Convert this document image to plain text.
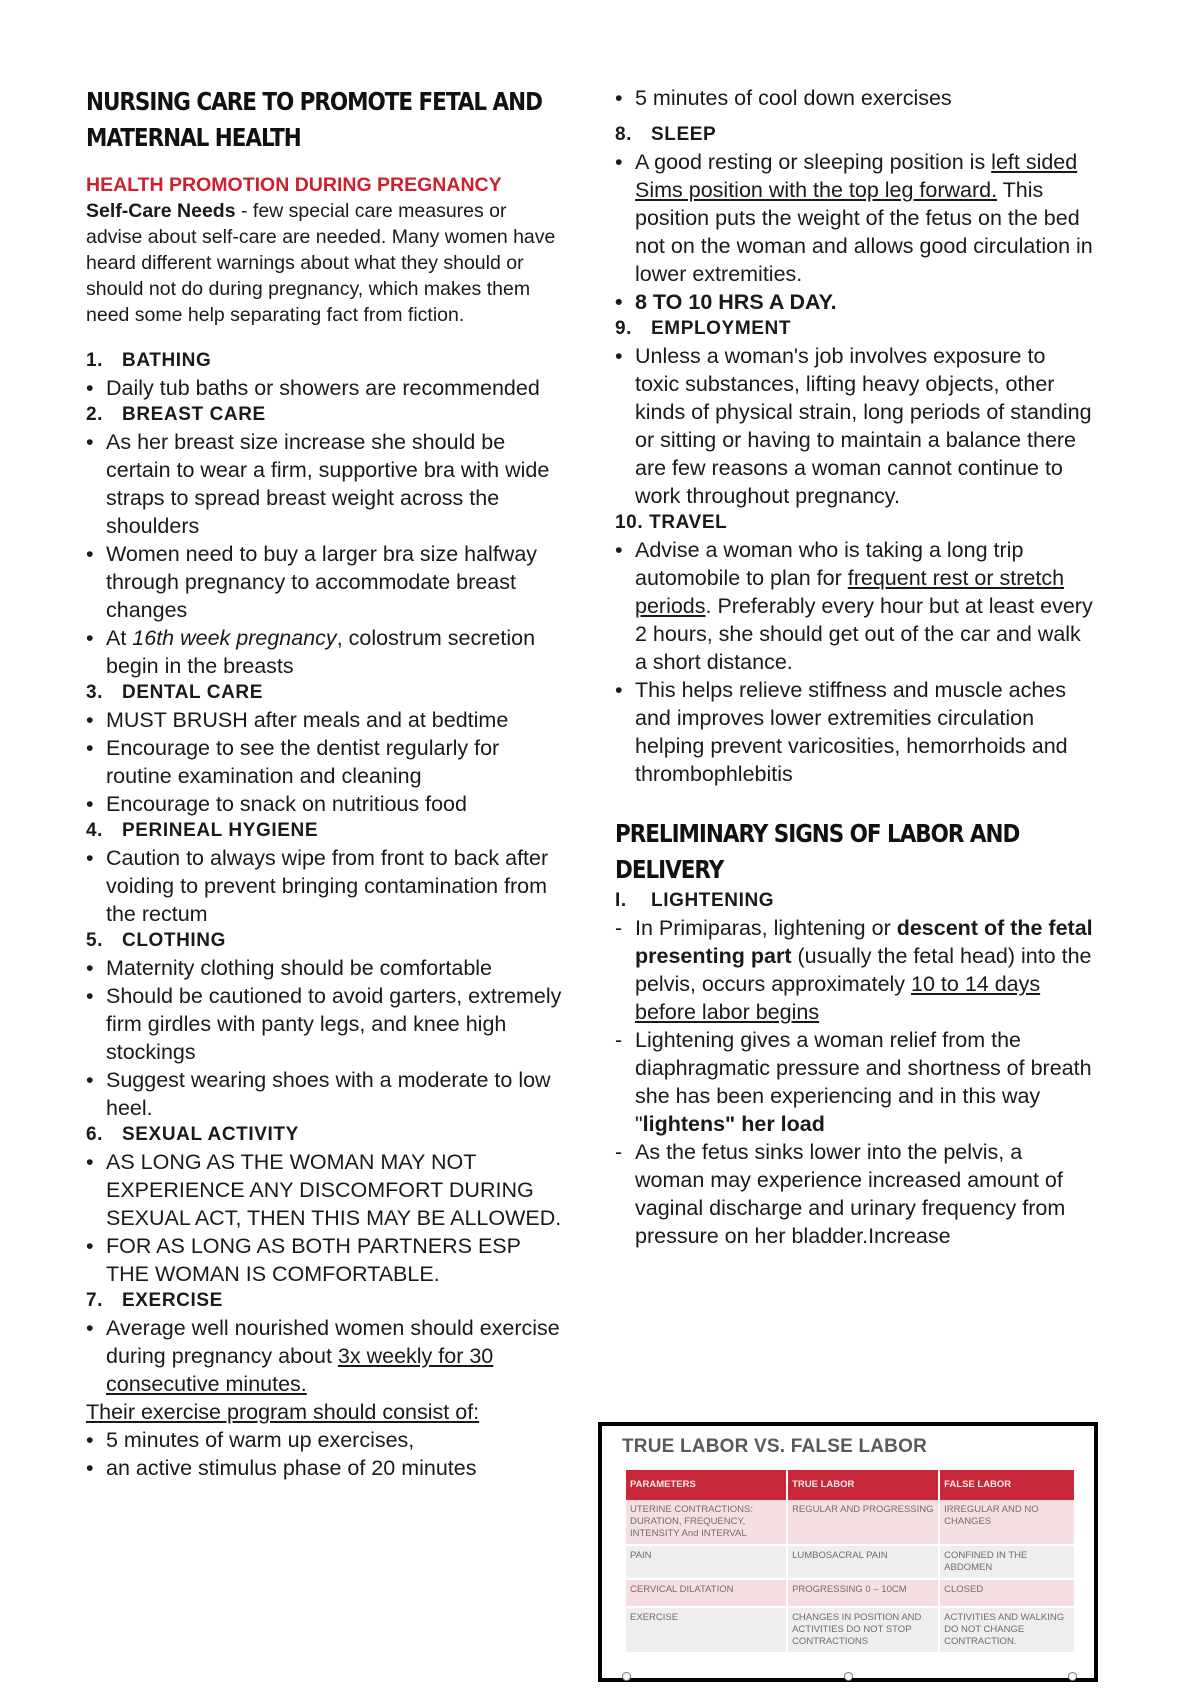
NURSING CARE TO PROMOTE FETAL AND
MATERNAL HEALTH
HEALTH PROMOTION DURING PREGNANCY
Self-Care Needs - few special care measures or advise about self-care are needed. Many women have heard different warnings about what they should or should not do during pregnancy, which makes them need some help separating fact from fiction.
1. BATHING
• Daily tub baths or showers are recommended
2. BREAST CARE
• As her breast size increase she should be certain to wear a firm, supportive bra with wide straps to spread breast weight across the shoulders
• Women need to buy a larger bra size halfway through pregnancy to accommodate breast changes
• At 16th week pregnancy, colostrum secretion begin in the breasts
3. DENTAL CARE
• MUST BRUSH after meals and at bedtime
• Encourage to see the dentist regularly for routine examination and cleaning
• Encourage to snack on nutritious food
4. PERINEAL HYGIENE
• Caution to always wipe from front to back after voiding to prevent bringing contamination from the rectum
5. CLOTHING
• Maternity clothing should be comfortable
• Should be cautioned to avoid garters, extremely firm girdles with panty legs, and knee high stockings
• Suggest wearing shoes with a moderate to low heel.
6. SEXUAL ACTIVITY
• AS LONG AS THE WOMAN MAY NOT EXPERIENCE ANY DISCOMFORT DURING SEXUAL ACT, THEN THIS MAY BE ALLOWED.
• FOR AS LONG AS BOTH PARTNERS ESP THE WOMAN IS COMFORTABLE.
7. EXERCISE
• Average well nourished women should exercise during pregnancy about 3x weekly for 30 consecutive minutes.
Their exercise program should consist of:
• 5 minutes of warm up exercises,
• an active stimulus phase of 20 minutes
• 5 minutes of cool down exercises
8. SLEEP
• A good resting or sleeping position is left sided Sims position with the top leg forward. This position puts the weight of the fetus on the bed not on the woman and allows good circulation in lower extremities.
• 8 TO 10 HRS A DAY.
9. EMPLOYMENT
• Unless a woman's job involves exposure to toxic substances, lifting heavy objects, other kinds of physical strain, long periods of standing or sitting or having to maintain a balance there are few reasons a woman cannot continue to work throughout pregnancy.
10. TRAVEL
• Advise a woman who is taking a long trip automobile to plan for frequent rest or stretch periods. Preferably every hour but at least every 2 hours, she should get out of the car and walk a short distance.
• This helps relieve stiffness and muscle aches and improves lower extremities circulation helping prevent varicosities, hemorrhoids and thrombophlebitis
PRELIMINARY SIGNS OF LABOR AND
DELIVERY
I. LIGHTENING
- In Primiparas, lightening or descent of the fetal presenting part (usually the fetal head) into the pelvis, occurs approximately 10 to 14 days before labor begins
- Lightening gives a woman relief from the diaphragmatic pressure and shortness of breath she has been experiencing and in this way "lightens" her load
- As the fetus sinks lower into the pelvis, a woman may experience increased amount of vaginal discharge and urinary frequency from pressure on her bladder.Increase
TRUE LABOR VS. FALSE LABOR
PARAMETERS	TRUE LABOR	FALSE LABOR
UTERINE CONTRACTIONS: DURATION, FREQUENCY, INTENSITY And INTERVAL	REGULAR AND PROGRESSING	IRREGULAR AND NO CHANGES
PAIN	LUMBOSACRAL PAIN	CONFINED IN THE ABDOMEN
CERVICAL DILATATION	PROGRESSING 0 – 10CM	CLOSED
EXERCISE	CHANGES IN POSITION AND ACTIVITIES DO NOT STOP CONTRACTIONS	ACTIVITIES AND WALKING DO NOT CHANGE CONTRACTION.
